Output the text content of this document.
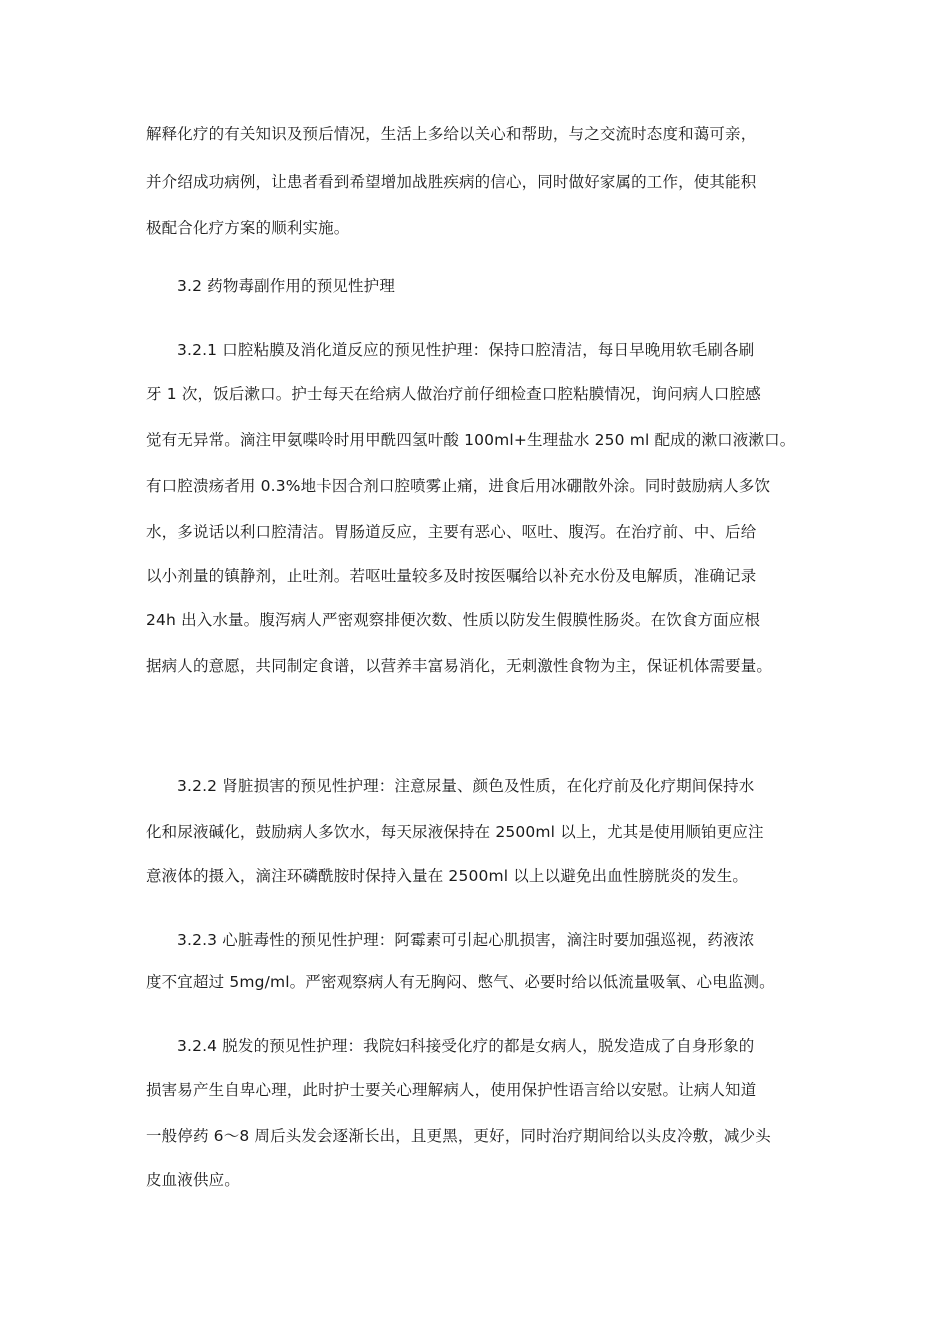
解释化疗的有关知识及预后情况，生活上多给以关心和帮助，与之交流时态度和蔼可亲，
并介绍成功病例，让患者看到希望增加战胜疾病的信心，同时做好家属的工作，使其能积
极配合化疗方案的顺利实施。
3.2 药物毒副作用的预见性护理
3.2.1 口腔粘膜及消化道反应的预见性护理：保持口腔清洁，每日早晚用软毛刷各刷
牙 1 次，饭后漱口。护士每天在给病人做治疗前仔细检查口腔粘膜情况，询问病人口腔感
觉有无异常。滴注甲氨喋呤时用甲酰四氢叶酸 100ml+生理盐水 250 ml 配成的漱口液漱口。
有口腔溃疡者用 0.3%地卡因合剂口腔喷雾止痛，进食后用冰硼散外涂。同时鼓励病人多饮
水，多说话以利口腔清洁。胃肠道反应，主要有恶心、呕吐、腹泻。在治疗前、中、后给
以小剂量的镇静剂，止吐剂。若呕吐量较多及时按医嘱给以补充水份及电解质，准确记录
24h 出入水量。腹泻病人严密观察排便次数、性质以防发生假膜性肠炎。在饮食方面应根
据病人的意愿，共同制定食谱，以营养丰富易消化，无刺激性食物为主，保证机体需要量。
3.2.2 肾脏损害的预见性护理：注意尿量、颜色及性质，在化疗前及化疗期间保持水
化和尿液碱化，鼓励病人多饮水，每天尿液保持在 2500ml 以上，尤其是使用顺铂更应注
意液体的摄入，滴注环磷酰胺时保持入量在 2500ml 以上以避免出血性膀胱炎的发生。
3.2.3 心脏毒性的预见性护理：阿霉素可引起心肌损害，滴注时要加强巡视，药液浓
度不宜超过 5mg/ml。严密观察病人有无胸闷、憋气、必要时给以低流量吸氧、心电监测。
3.2.4 脱发的预见性护理：我院妇科接受化疗的都是女病人，脱发造成了自身形象的
损害易产生自卑心理，此时护士要关心理解病人，使用保护性语言给以安慰。让病人知道
一般停药 6～8 周后头发会逐渐长出，且更黑，更好，同时治疗期间给以头皮冷敷，减少头
皮血液供应。
